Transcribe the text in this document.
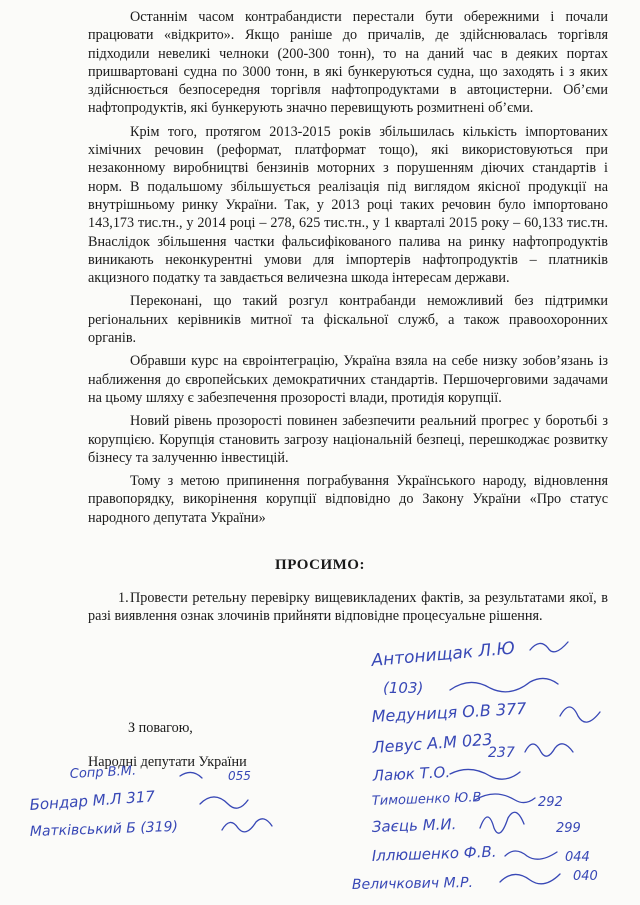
Останнім часом контрабандисти перестали бути обережними і почали працювати «відкрито». Якщо раніше до причалів, де здійснювалась торгівля підходили невеликі челноки (200-300 тонн), то на даний час в деяких портах пришвартовані судна по 3000 тонн, в які бункеруються судна, що заходять і з яких здійснюється безпосередня торгівля нафтопродуктами в автоцистерни. Об’єми нафтопродуктів, які бункерують значно перевищують розмитнені об’єми.

Крім того, протягом 2013-2015 років збільшилась кількість імпортованих хімічних речовин (реформат, платформат тощо), які використовуються при незаконному виробництві бензинів моторних з порушенням діючих стандартів і норм. В подальшому збільшується реалізація під виглядом якісної продукції на внутрішньому ринку України. Так, у 2013 році таких речовин було імпортовано 143,173 тис.тн., у 2014 році – 278, 625 тис.тн., у 1 кварталі 2015 року – 60,133 тис.тн. Внаслідок збільшення частки фальсифікованого палива на ринку нафтопродуктів виникають неконкурентні умови для імпортерів нафтопродуктів – платників акцизного податку та завдається величезна шкода інтересам держави.

Переконані, що такий розгул контрабанди неможливий без підтримки регіональних керівників митної та фіскальної служб, а також правоохоронних органів.

Обравши курс на євроінтеграцію, Україна взяла на себе низку зобов’язань із наближення до європейських демократичних стандартів. Першочерговими задачами на цьому шляху є забезпечення прозорості влади, протидія корупції.

Новий рівень прозорості повинен забезпечити реальний прогрес у боротьбі з корупцією. Корупція становить загрозу національній безпеці, перешкоджає розвитку бізнесу та залученню інвестицій.

Тому з метою припинення пограбування Українського народу, відновлення правопорядку, викорінення корупції відповідно до Закону України «Про статус народного депутата України»

ПРОСИМО:
1.Провести ретельну перевірку вищевикладених фактів, за результатами якої, в разі виявлення ознак злочинів прийняти відповідне процесуальне рішення.
З повагою,
Народні депутати України
Антонищак Л.Ю
(103)
Медуниця О.В 377
Левус А.М 023
237
Лаюк Т.О.
Тимошенко Ю.В	292
Заєць М.И.	299
Іллюшенко Ф.В.	044
Величкович М.Р.	040
Сопр В.М.	055
Бондар М.Л 317
Матківський Б (319)
